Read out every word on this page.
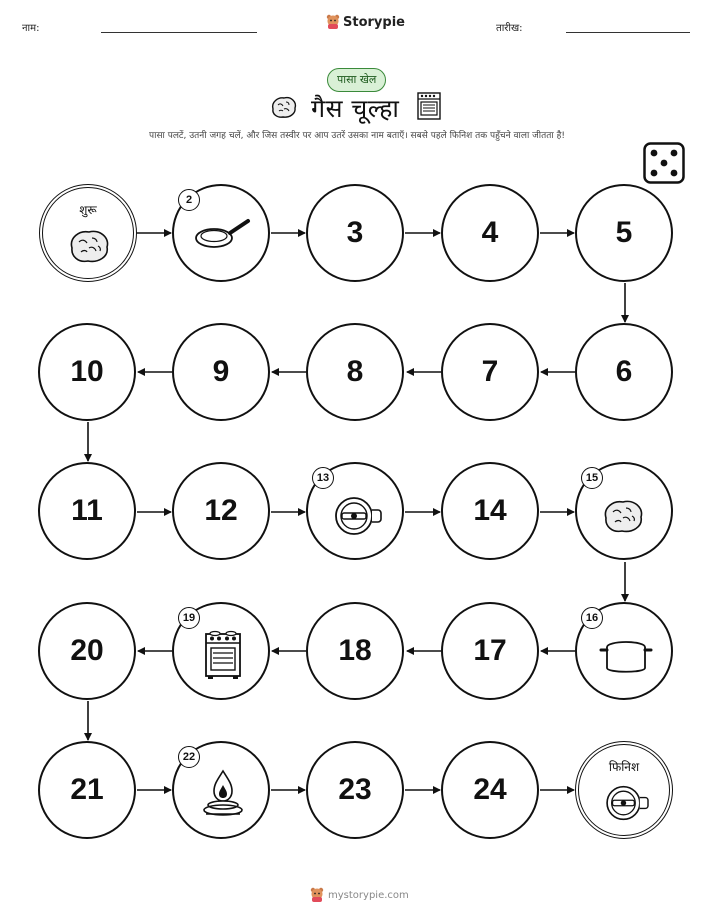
नाम:	Storypie	तारीख:
पासा खेल
गैस चूल्हा
पासा पलटें, उतनी जगह चलें, और जिस तस्वीर पर आप उतरें उसका नाम बताएँ। सबसे पहले फिनिश तक पहुँचने वाला जीतता है!
शुरू
2
3	4	5
10	9	8	7	6
11	12
13
14
15
20
19
18	17
16
21
22
23	24
फिनिश
mystorypie.com
